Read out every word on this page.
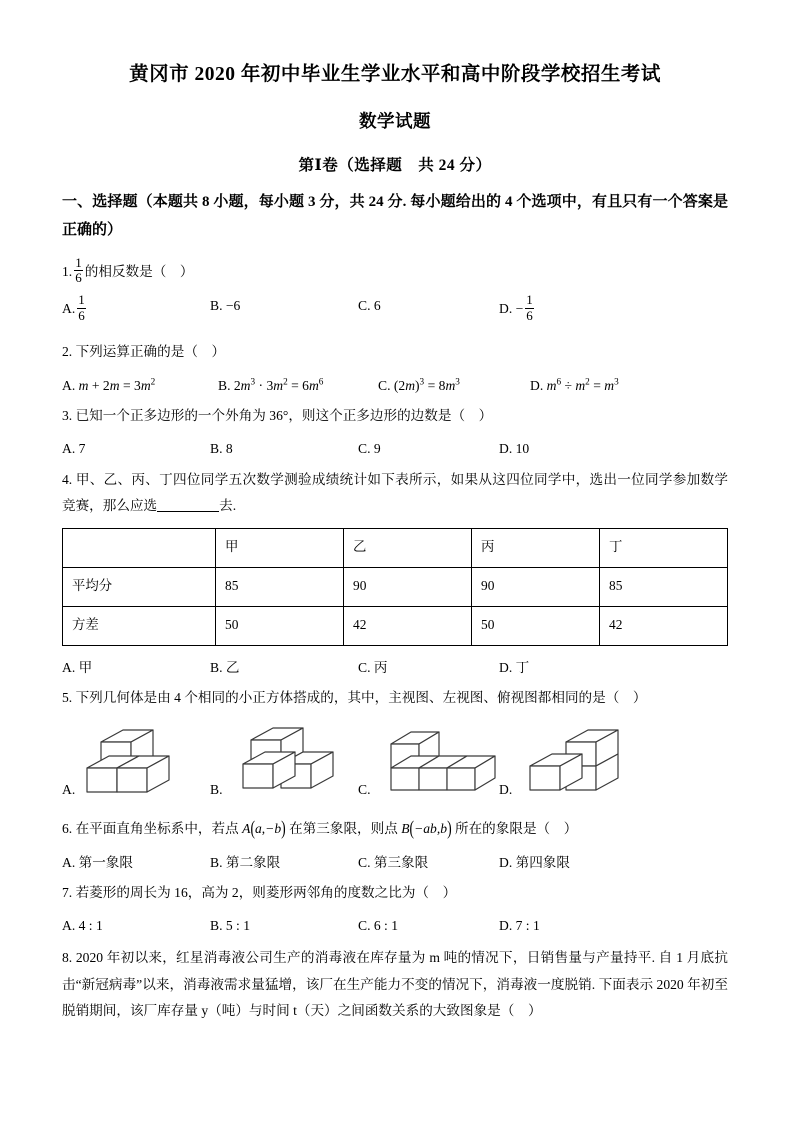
黄冈市 2020 年初中毕业生学业水平和高中阶段学校招生考试
数学试题
第Ⅰ卷（选择题　共 24 分）
一、选择题（本题共 8 小题，每小题 3 分，共 24 分. 每小题给出的 4 个选项中，有且只有一个答案是正确的）
1. $\frac{1}{6}$ 的相反数是（　）
A. $\frac{1}{6}$	B. −6	C. 6	D. − $\frac{1}{6}$
2. 下列运算正确的是（　）
A. $m + 2m = 3m^2$	B. $2m^3 \cdot 3m^2 = 6m^6$	C. $(2m)^3 = 8m^3$	D. $m^6 \div m^2 = m^3$
3. 已知一个正多边形的一个外角为 36°，则这个正多边形的边数是（　）
A. 7	B. 8	C. 9	D. 10
4. 甲、乙、丙、丁四位同学五次数学测验成绩统计如下表所示，如果从这四位同学中，选出一位同学参加数学竞赛，那么应选	去.
	甲	乙	丙	丁
平均分	85	90	90	85
方差	50	42	50	42
A. 甲	B. 乙	C. 丙	D. 丁
5. 下列几何体是由 4 个相同的小正方体搭成的，其中，主视图、左视图、俯视图都相同的是（　）
A.	B.	C.	D.
6. 在平面直角坐标系中，若点 A(a,−b) 在第三象限，则点 B(−ab,b) 所在的象限是（　）
A. 第一象限	B. 第二象限	C. 第三象限	D. 第四象限
7. 若菱形的周长为 16，高为 2，则菱形两邻角的度数之比为（　）
A. 4 : 1	B. 5 : 1	C. 6 : 1	D. 7 : 1
8. 2020 年初以来，红星消毒液公司生产的消毒液在库存量为 m 吨的情况下，日销售量与产量持平. 自 1 月底抗击“新冠病毒”以来，消毒液需求量猛增，该厂在生产能力不变的情况下，消毒液一度脱销. 下面表示 2020 年初至脱销期间，该厂库存量 y（吨）与时间 t（天）之间函数关系的大致图象是（　）
